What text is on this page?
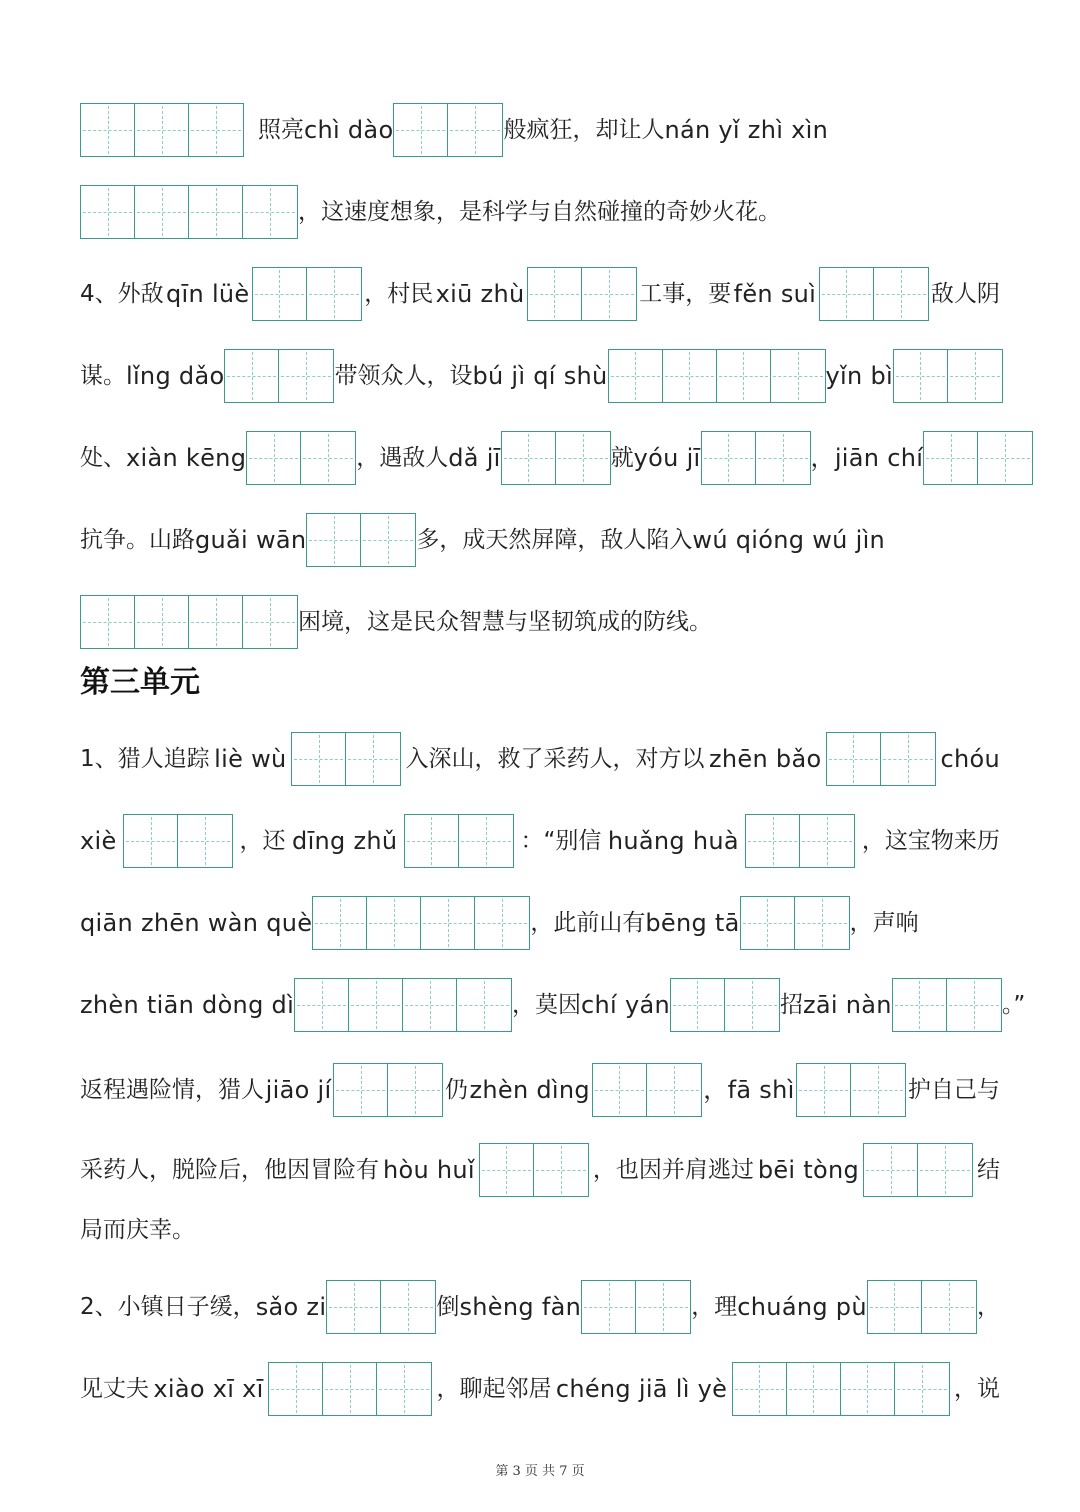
第三单元
第 3 页 共 7 页
照亮 chì dào	般疯狂，却让人 nán yǐ zhì xìn
，这速度想象，是科学与自然碰撞的奇妙火花。
4、外敌 qīn lüè	，村民 xiū zhù	工事，要 fěn suì	敌人阴
谋。 lǐng dǎo	带领众人，设 bú jì qí shù	yǐn bì
处、 xiàn kēng	，遇敌人 dǎ jī	就 yóu jī	，jiān chí
抗争。山路 guǎi wān	多，成天然屏障，敌人陷入 wú qióng wú jìn
困境，这是民众智慧与坚韧筑成的防线。
1、猎人追踪 liè wù	入深山，救了采药人，对方以 zhēn bǎo	chóu
xiè	，还 dīng zhǔ	：“别信 huǎng huà	，这宝物来历
qiān zhēn wàn què	，此前山有 bēng tā	，声响
zhèn tiān dòng dì	，莫因 chí yán	招 zāi nàn	。”
返程遇险情，猎人 jiāo jí	仍 zhèn dìng	，fā shì	护自己与
采药人，脱险后，他因冒险有 hòu huǐ	，也因并肩逃过 bēi tòng	结
局而庆幸。
2、小镇日子缓， sǎo zi	倒 shèng fàn	，理 chuáng pù	，
见丈夫 xiào xī xī	，聊起邻居 chéng jiā lì yè	，说
